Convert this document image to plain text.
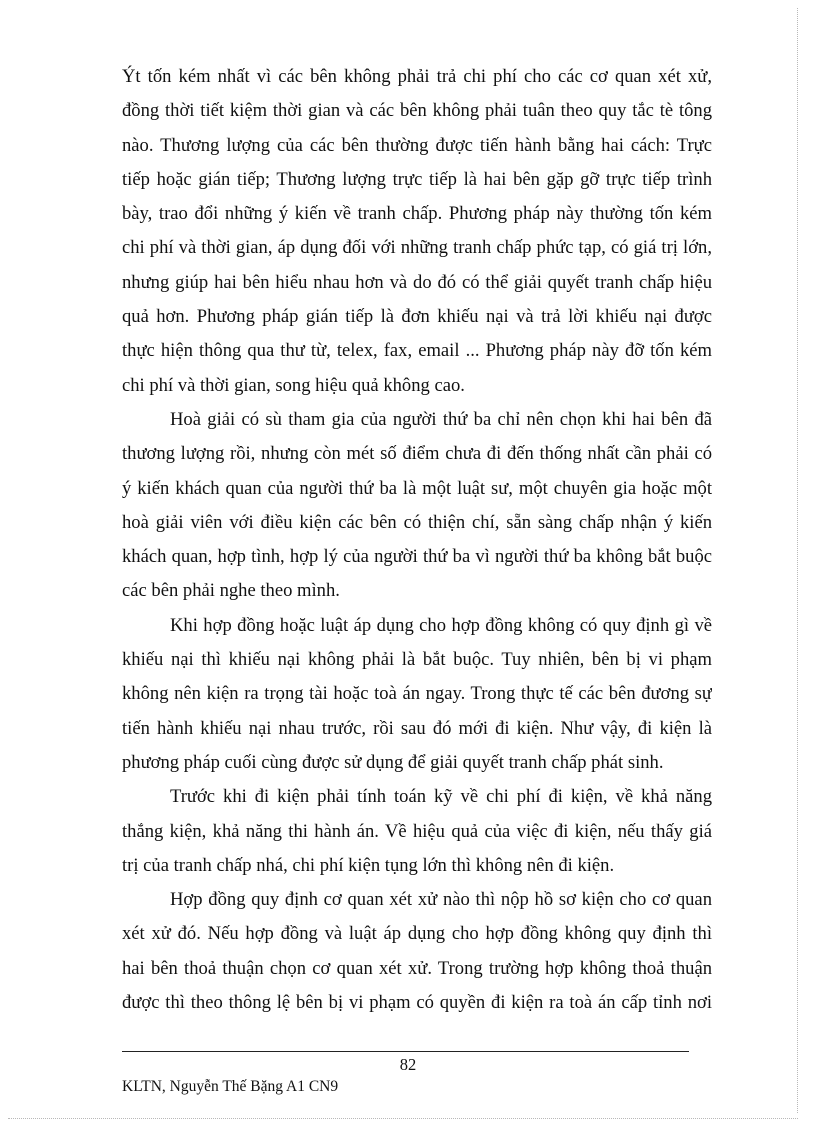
Ýt tốn kém nhất vì các bên không phải trả chi phí cho các cơ quan xét xử,
đồng thời tiết kiệm thời gian và các bên không phải tuân theo quy tắc tè tông
nào. Thương lượng của các bên thường được tiến hành bằng hai cách: Trực
tiếp hoặc gián tiếp; Thương lượng trực tiếp là hai bên gặp gỡ trực tiếp trình
bày, trao đổi những ý kiến về tranh chấp. Phương pháp này thường tốn kém
chi phí và thời gian, áp dụng đối với những tranh chấp phức tạp, có giá trị lớn,
nhưng giúp hai bên hiểu nhau hơn và do đó có thể giải quyết tranh chấp hiệu
quả hơn. Phương pháp gián tiếp là đơn khiếu nại và trả lời khiếu nại được
thực hiện thông qua thư từ, telex, fax, email ... Phương pháp này đỡ tốn kém
chi phí và thời gian, song hiệu quả không cao.
Hoà giải có sù tham gia của người thứ ba chỉ nên chọn khi hai bên đã
thương lượng rồi, nhưng còn mét số điểm chưa đi đến thống nhất cần phải có
ý kiến khách quan của người thứ ba là một luật sư, một chuyên gia hoặc một
hoà giải viên với điều kiện các bên có thiện chí, sẵn sàng chấp nhận ý kiến
khách quan, hợp tình, hợp lý của người thứ ba vì người thứ ba không bắt buộc
các bên phải nghe theo mình.
Khi hợp đồng hoặc luật áp dụng cho hợp đồng không có quy định gì về
khiếu nại thì khiếu nại không phải là bắt buộc. Tuy nhiên, bên bị vi phạm
không nên kiện ra trọng tài hoặc toà án ngay. Trong thực tế các bên đương sự
tiến hành khiếu nại nhau trước, rồi sau đó mới đi kiện. Như vậy, đi kiện là
phương pháp cuối cùng được sử dụng để giải quyết tranh chấp phát sinh.
Trước khi đi kiện phải tính toán kỹ về chi phí đi kiện, về khả năng
thắng kiện, khả năng thi hành án. Về hiệu quả của việc đi kiện, nếu thấy giá
trị của tranh chấp nhá, chi phí kiện tụng lớn thì không nên đi kiện.
Hợp đồng quy định cơ quan xét xử nào thì nộp hồ sơ kiện cho cơ quan
xét xử đó. Nếu hợp đồng và luật áp dụng cho hợp đồng không quy định thì
hai bên thoả thuận chọn cơ quan xét xử. Trong trường hợp không thoả thuận
được thì theo thông lệ bên bị vi phạm có quyền đi kiện ra toà án cấp tỉnh nơi
82
KLTN, Nguyễn Thế Bặng A1 CN9
